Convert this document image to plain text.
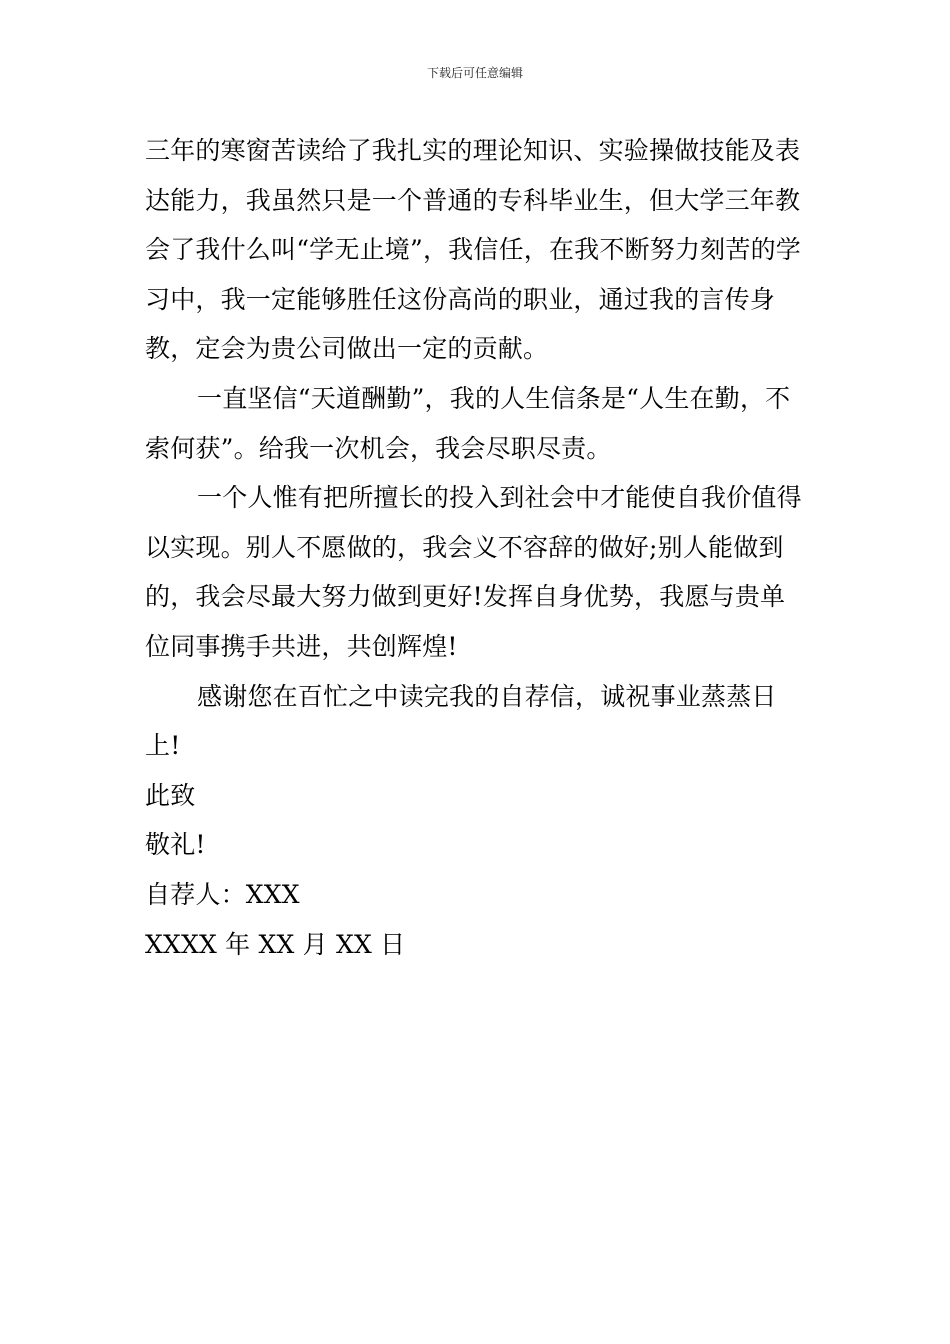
下载后可任意编辑

三年的寒窗苦读给了我扎实的理论知识、实验操做技能及表达能力，我虽然只是一个普通的专科毕业生，但大学三年教会了我什么叫“学无止境”，我信任，在我不断努力刻苦的学习中，我一定能够胜任这份高尚的职业，通过我的言传身教，定会为贵公司做出一定的贡献。

一直坚信“天道酬勤”，我的人生信条是“人生在勤，不索何获”。给我一次机会，我会尽职尽责。

一个人惟有把所擅长的投入到社会中才能使自我价值得以实现。别人不愿做的，我会义不容辞的做好;别人能做到的，我会尽最大努力做到更好!发挥自身优势，我愿与贵单位同事携手共进，共创辉煌!

感谢您在百忙之中读完我的自荐信，诚祝事业蒸蒸日上!

此致

敬礼!

自荐人：XXX

XXXX 年 XX 月 XX 日
